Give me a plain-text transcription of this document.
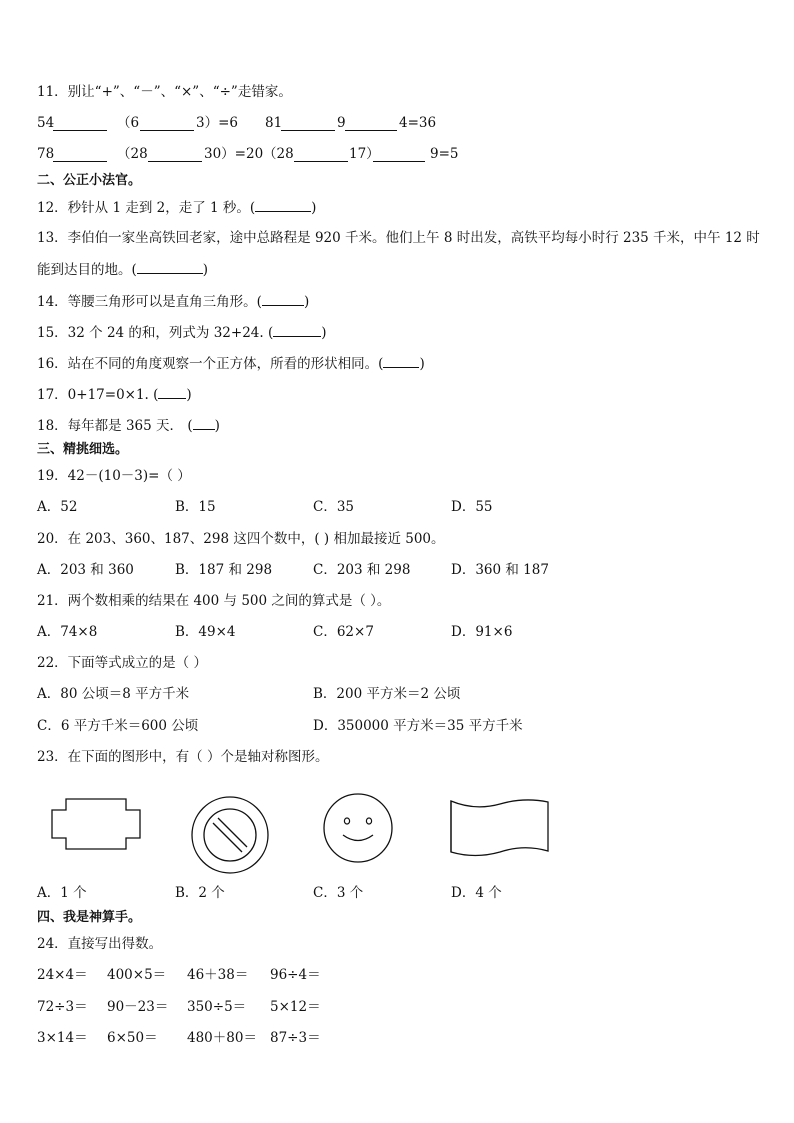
11．别让“+”、“－”、“×”、“÷”走错家。
54	（6	3）=6 81	9	4=36
78	（28	30）=20 （28	17）	9=5
二、公正小法官。
12．秒针从 1 走到 2，走了 1 秒。(	)
13．李伯伯一家坐高铁回老家，途中总路程是 920 千米。他们上午 8 时出发，高铁平均每小时行 235 千米，中午 12 时
能到达目的地。(	)
14．等腰三角形可以是直角三角形。(	)
15．32 个 24 的和，列式为 32+24. (	)
16．站在不同的角度观察一个正方体，所看的形状相同。(	)
17．0+17=0×1. ( )
18．每年都是 365 天． ( )
三、精挑细选。
19．42－(10－3)=（ ）
A．52	B．15	C．35	D．55
20．在 203、360、187、298 这四个数中，( ) 相加最接近 500。
A．203 和 360	B．187 和 298	C．203 和 298	D．360 和 187
21．两个数相乘的结果在 400 与 500 之间的算式是（ ）。
A．74×8	B．49×4	C．62×7	D．91×6
22．下面等式成立的是（ ）
A．80 公顷＝8 平方千米	B．200 平方米＝2 公顷
C．6 平方千米＝600 公顷	D．350000 平方米＝35 平方千米
23．在下面的图形中，有（ ）个是轴对称图形。
A．1 个	B．2 个	C．3 个	D．4 个
四、我是神算手。
24．直接写出得数。
24×4＝ 400×5＝ 46＋38＝ 96÷4＝
72÷3＝ 90－23＝ 350÷5＝ 5×12＝
3×14＝ 6×50＝ 480＋80＝ 87÷3＝
